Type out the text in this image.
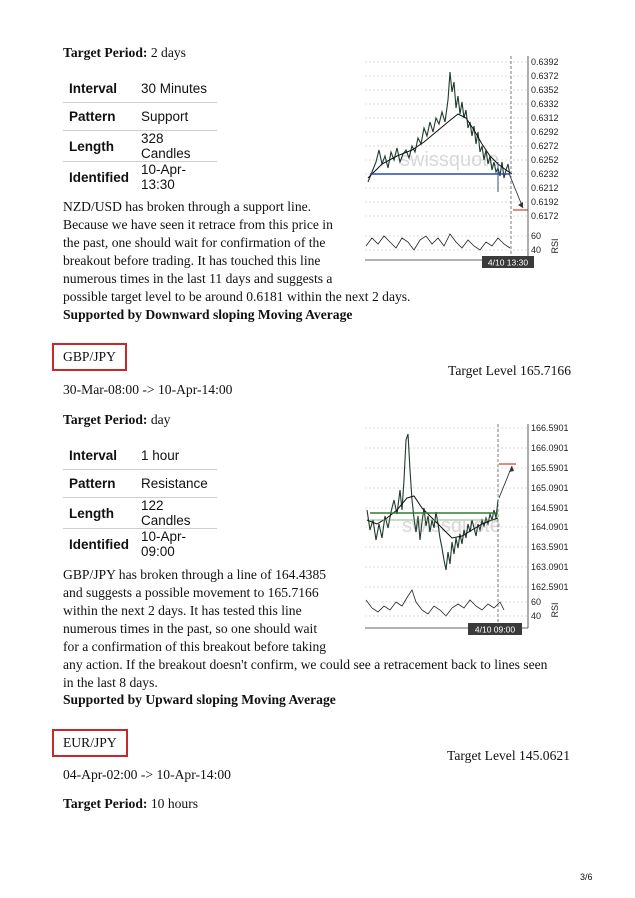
Target Period: 2 days
Interval	30 Minutes
Pattern	Support
Length	328 Candles
Identified	10-Apr-13:30
swissquote
0.6392
0.6372
0.6352
0.6332
0.6312
0.6292
0.6272
0.6252
0.6232
0.6212
0.6192
0.6172
60
40 RSI
4/10 13:30
NZD/USD has broken through a support line.
Because we have seen it retrace from this price in
the past, one should wait for confirmation of the
breakout before trading. It has touched this line
numerous times in the last 11 days and suggests a
possible target level to be around 0.6181 within the next 2 days.
Supported by Downward sloping Moving Average
GBP/JPY
Target Level 165.7166
30-Mar-08:00 -> 10-Apr-14:00
Target Period: day
Interval	1 hour
Pattern	Resistance
Length	122 Candles
Identified	10-Apr-09:00
swissquote
166.5901
166.0901
165.5901
165.0901
164.5901
164.0901
163.5901
163.0901
162.5901
60
40 RSI
4/10 09:00
GBP/JPY has broken through a line of 164.4385
and suggests a possible movement to 165.7166
within the next 2 days. It has tested this line
numerous times in the past, so one should wait
for a confirmation of this breakout before taking
any action. If the breakout doesn't confirm, we could see a retracement back to lines seen
in the last 8 days.
Supported by Upward sloping Moving Average
EUR/JPY
Target Level 145.0621
04-Apr-02:00 -> 10-Apr-14:00
Target Period: 10 hours
3/6
